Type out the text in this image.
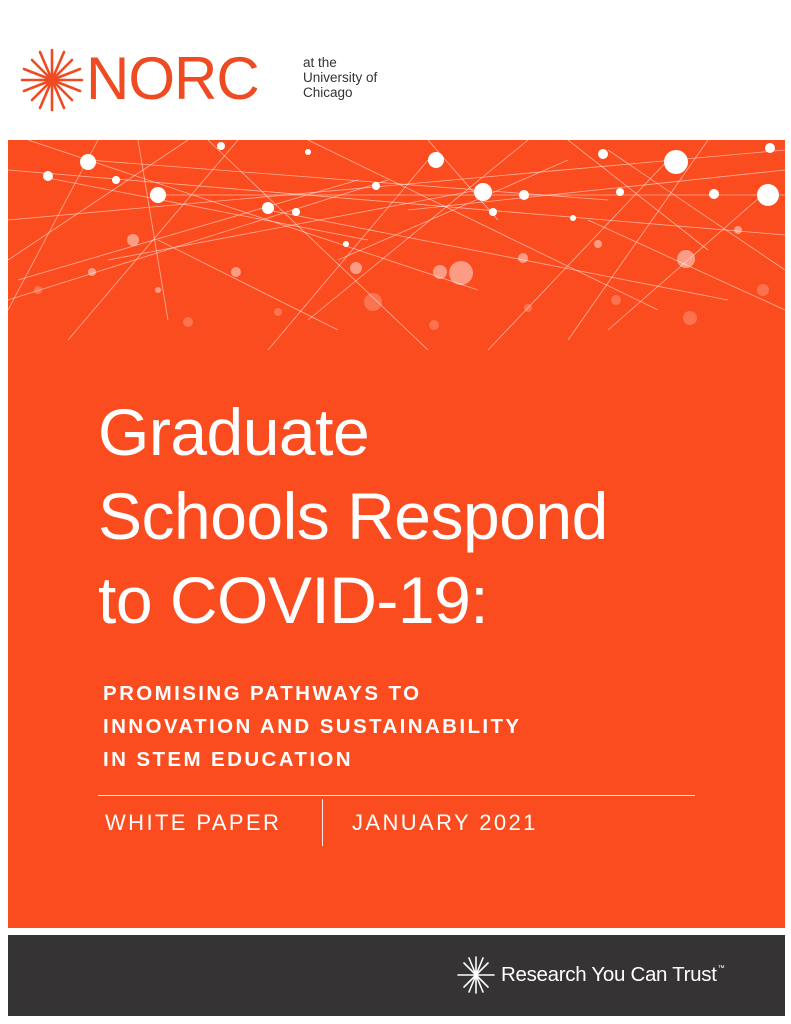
NORC	at the
University of
Chicago
Graduate
Schools Respond
to COVID-19:
PROMISING PATHWAYS TO
INNOVATION AND SUSTAINABILITY
IN STEM EDUCATION
WHITE PAPER	JANUARY 2021
Research You Can Trust™
